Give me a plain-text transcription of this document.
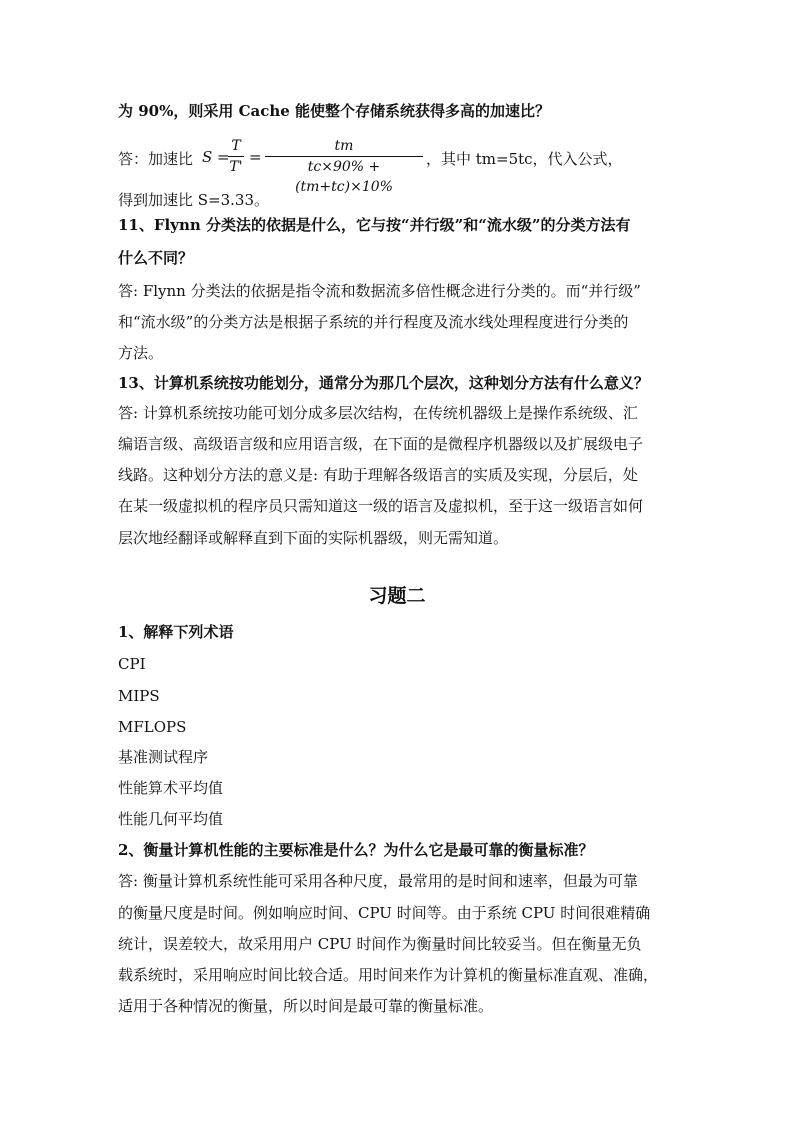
为 90%，则采用 Cache 能使整个存储系统获得多高的加速比？
答：加速比 S =
$\frac{T}{T'} = \frac{tm}{tc\times 90\% + (tm+tc)\times 10\%}$ ，其中 tm=5tc，代入公式，
得到加速比 S=3.33。
11、Flynn 分类法的依据是什么，它与按“并行级”和“流水级”的分类方法有
什么不同？
答: Flynn 分类法的依据是指令流和数据流多倍性概念进行分类的。而“并行级”
和“流水级”的分类方法是根据子系统的并行程度及流水线处理程度进行分类的
方法。
13、计算机系统按功能划分，通常分为那几个层次，这种划分方法有什么意义？
答: 计算机系统按功能可划分成多层次结构，在传统机器级上是操作系统级、汇
编语言级、高级语言级和应用语言级，在下面的是微程序机器级以及扩展级电子
线路。这种划分方法的意义是: 有助于理解各级语言的实质及实现，分层后，处
在某一级虚拟机的程序员只需知道这一级的语言及虚拟机，至于这一级语言如何
层次地经翻译或解释直到下面的实际机器级，则无需知道。
习题二
1、解释下列术语
CPI
MIPS
MFLOPS
基准测试程序
性能算术平均值
性能几何平均值
2、衡量计算机性能的主要标准是什么？为什么它是最可靠的衡量标准？
答: 衡量计算机系统性能可采用各种尺度，最常用的是时间和速率，但最为可靠
的衡量尺度是时间。例如响应时间、CPU 时间等。由于系统 CPU 时间很难精确
统计，误差较大，故采用用户 CPU 时间作为衡量时间比较妥当。但在衡量无负
载系统时，采用响应时间比较合适。用时间来作为计算机的衡量标准直观、准确，
适用于各种情况的衡量，所以时间是最可靠的衡量标准。
